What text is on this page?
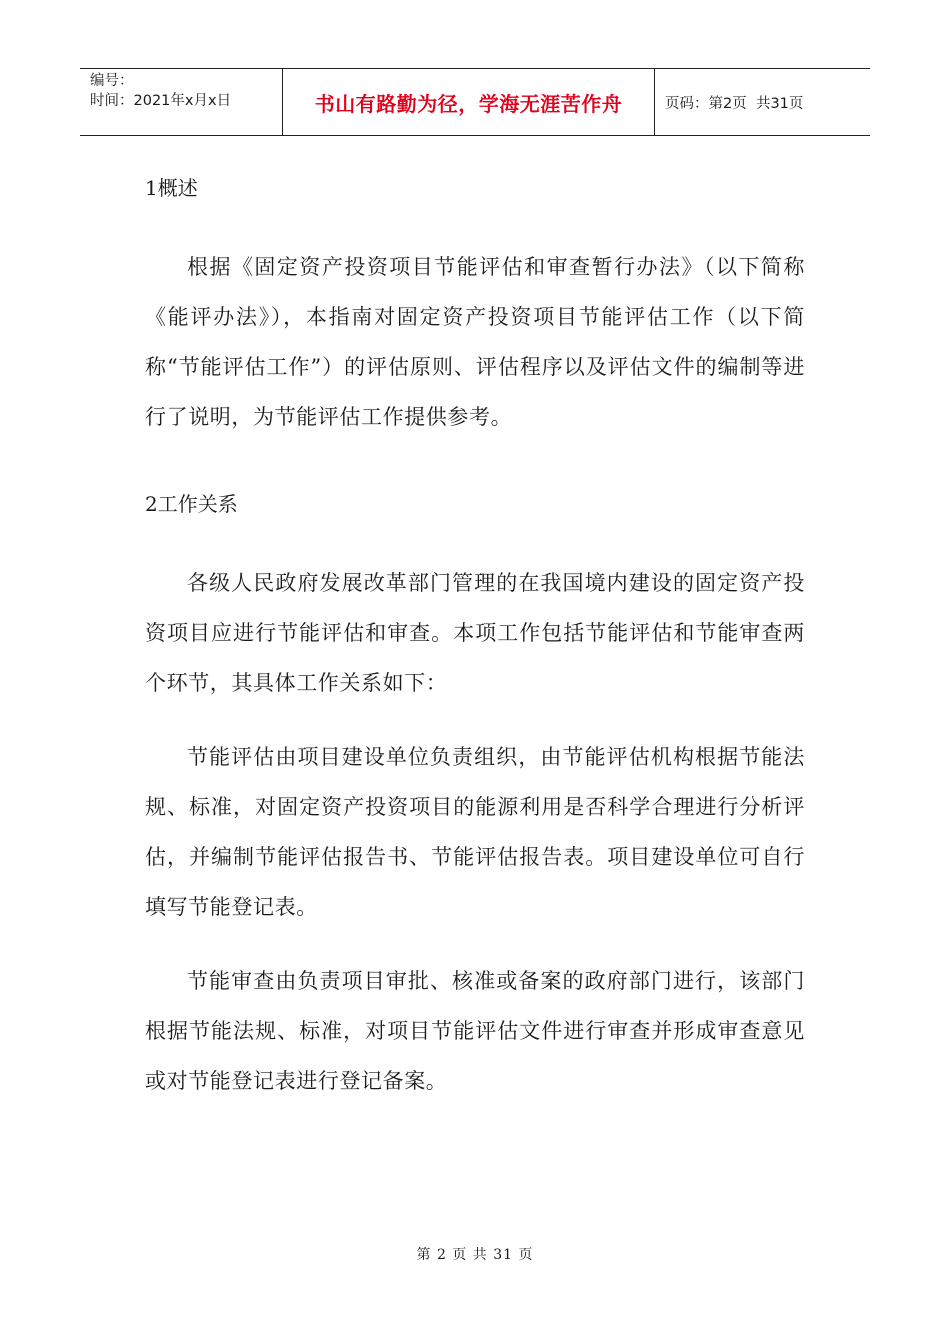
编号：
时间：2021年x月x日	书山有路勤为径，学海无涯苦作舟	页码：第2页  共31页
1概述

根据《固定资产投资项目节能评估和审查暂行办法》（以下简称《能评办法》），本指南对固定资产投资项目节能评估工作（以下简称“节能评估工作”）的评估原则、评估程序以及评估文件的编制等进行了说明，为节能评估工作提供参考。

2工作关系

各级人民政府发展改革部门管理的在我国境内建设的固定资产投资项目应进行节能评估和审查。本项工作包括节能评估和节能审查两个环节，其具体工作关系如下：

节能评估由项目建设单位负责组织，由节能评估机构根据节能法规、标准，对固定资产投资项目的能源利用是否科学合理进行分析评估，并编制节能评估报告书、节能评估报告表。项目建设单位可自行填写节能登记表。

节能审查由负责项目审批、核准或备案的政府部门进行，该部门根据节能法规、标准，对项目节能评估文件进行审查并形成审查意见或对节能登记表进行登记备案。

第 2 页 共 31 页
